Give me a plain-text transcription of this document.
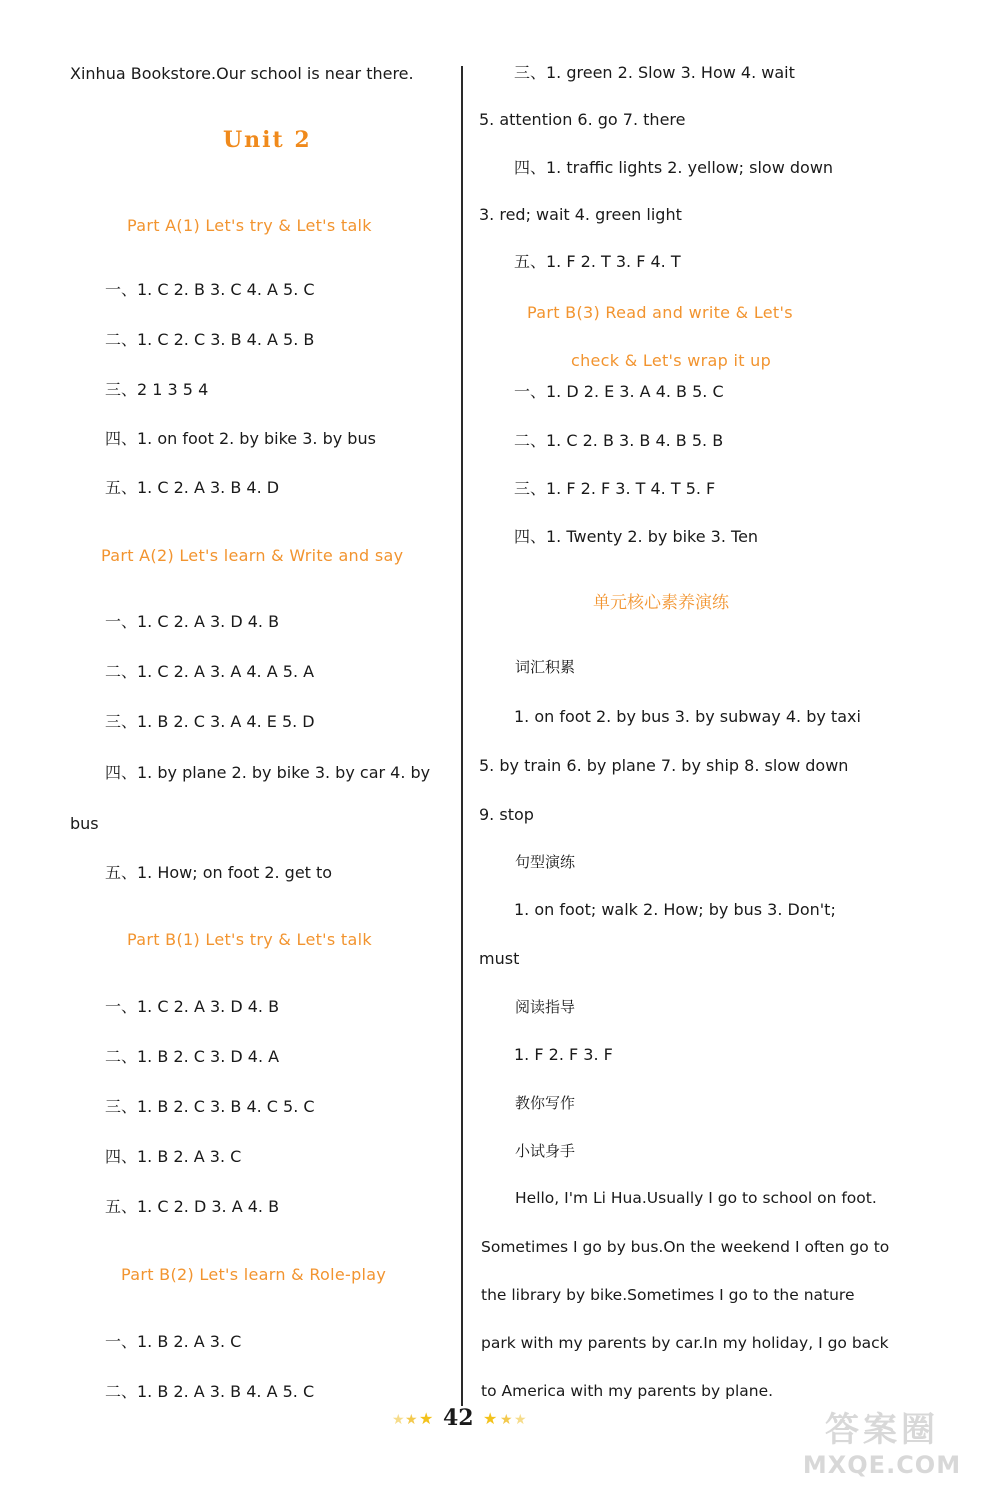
Xinhua Bookstore.Our school is near there.
Unit 2
Part A(1) Let's try & Let's talk
一、1. C 2. B 3. C 4. A 5. C
二、1. C 2. C 3. B 4. A 5. B
三、2 1 3 5 4
四、1. on foot 2. by bike 3. by bus
五、1. C 2. A 3. B 4. D
Part A(2) Let's learn & Write and say
一、1. C 2. A 3. D 4. B
二、1. C 2. A 3. A 4. A 5. A
三、1. B 2. C 3. A 4. E 5. D
四、1. by plane 2. by bike 3. by car 4. by
bus
五、1. How; on foot 2. get to
Part B(1) Let's try & Let's talk
一、1. C 2. A 3. D 4. B
二、1. B 2. C 3. D 4. A
三、1. B 2. C 3. B 4. C 5. C
四、1. B 2. A 3. C
五、1. C 2. D 3. A 4. B
Part B(2) Let's learn & Role-play
一、1. B 2. A 3. C
二、1. B 2. A 3. B 4. A 5. C
三、1. green 2. Slow 3. How 4. wait
5. attention 6. go 7. there
四、1. traffic lights 2. yellow; slow down
3. red; wait 4. green light
五、1. F 2. T 3. F 4. T
Part B(3) Read and write & Let's
check & Let's wrap it up
一、1. D 2. E 3. A 4. B 5. C
二、1. C 2. B 3. B 4. B 5. B
三、1. F 2. F 3. T 4. T 5. F
四、1. Twenty 2. by bike 3. Ten
单元核心素养演练
词汇积累
1. on foot 2. by bus 3. by subway 4. by taxi
5. by train 6. by plane 7. by ship 8. slow down
9. stop
句型演练
1. on foot; walk 2. How; by bus 3. Don't;
must
阅读指导
1. F 2. F 3. F
教你写作
小试身手
Hello, I'm Li Hua.Usually I go to school on foot.
Sometimes I go by bus.On the weekend I often go to
the library by bike.Sometimes I go to the nature
park with my parents by car.In my holiday, I go back
to America with my parents by plane.
★ ★ ★ 42 ★ ★ ★	答案圈
MXQE.COM
